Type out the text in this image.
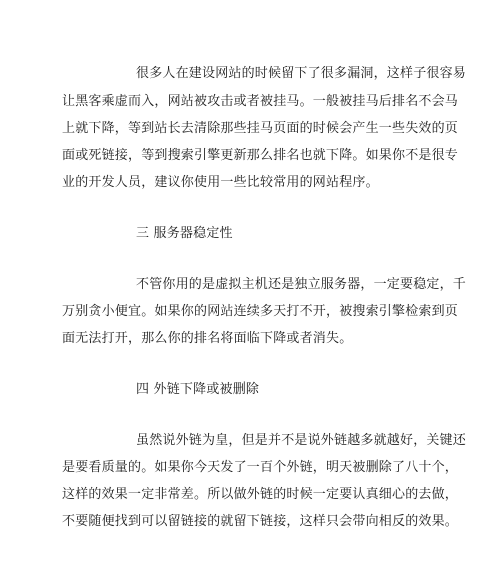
很多人在建设网站的时候留下了很多漏洞，这样子很容易
让黑客乘虚而入，网站被攻击或者被挂马。一般被挂马后排名不会马
上就下降，等到站长去清除那些挂马页面的时候会产生一些失效的页
面或死链接，等到搜索引擎更新那么排名也就下降。如果你不是很专
业的开发人员，建议你使用一些比较常用的网站程序。
三 服务器稳定性
不管你用的是虚拟主机还是独立服务器，一定要稳定，千
万别贪小便宜。如果你的网站连续多天打不开，被搜索引擎检索到页
面无法打开，那么你的排名将面临下降或者消失。
四 外链下降或被删除
虽然说外链为皇，但是并不是说外链越多就越好，关键还
是要看质量的。如果你今天发了一百个外链，明天被删除了八十个，
这样的效果一定非常差。所以做外链的时候一定要认真细心的去做，
不要随便找到可以留链接的就留下链接，这样只会带向相反的效果。
